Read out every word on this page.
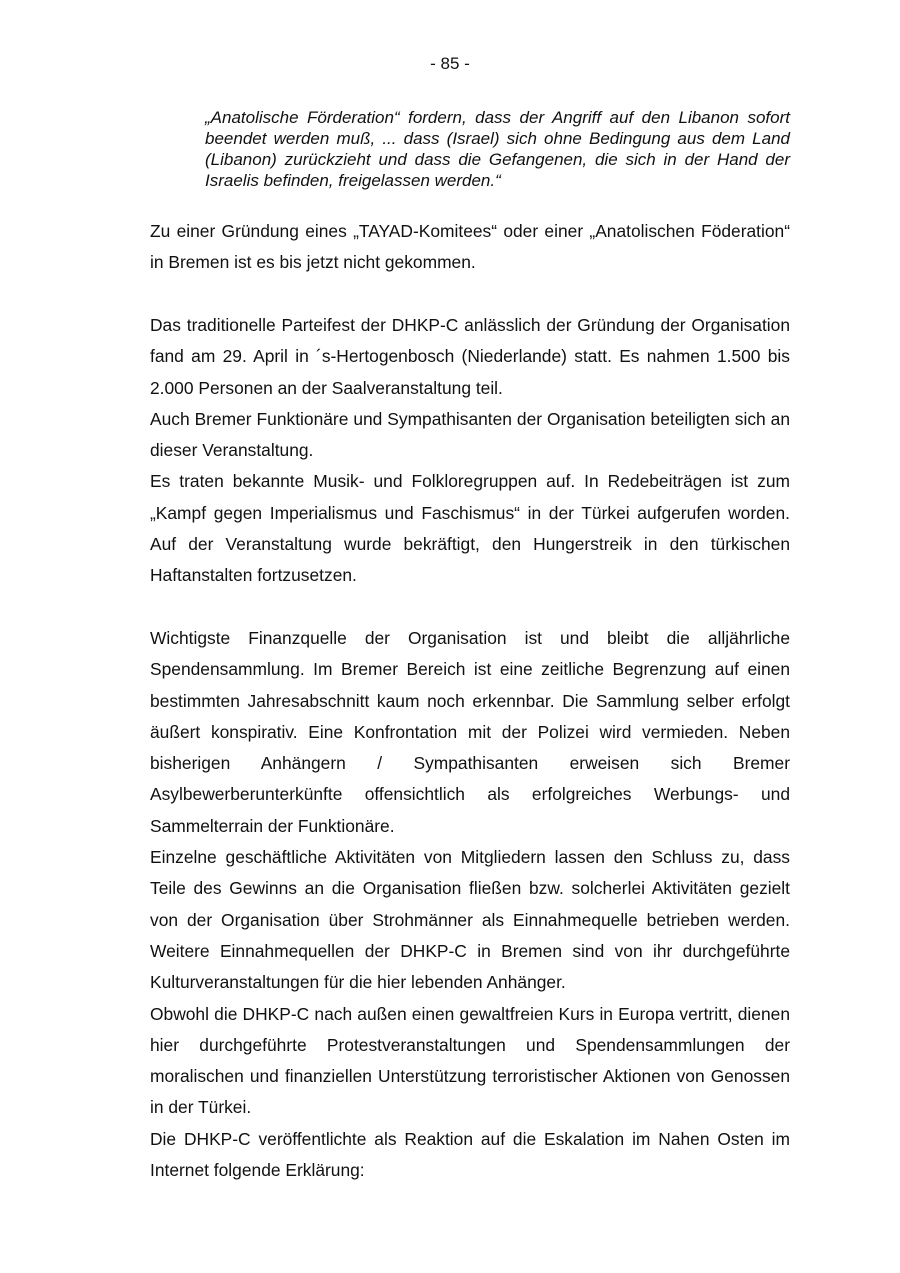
- 85 -

„Anatolische Förderation“ fordern, dass der Angriff auf den Libanon sofort beendet werden muß, ... dass (Israel) sich ohne Bedingung aus dem Land (Libanon) zurückzieht und dass die Gefangenen, die sich in der Hand der Israelis befinden, freigelassen werden.“

Zu einer Gründung eines „TAYAD-Komitees“ oder einer „Anatolischen Föderation“ in Bremen ist es bis jetzt nicht gekommen.

Das traditionelle Parteifest der DHKP-C anlässlich der Gründung der Organisation fand am 29. April in ´s-Hertogenbosch (Niederlande) statt. Es nahmen 1.500 bis 2.000 Personen an der Saalveranstaltung teil.

Auch Bremer Funktionäre und Sympathisanten der Organisation beteiligten sich an dieser Veranstaltung.

Es traten bekannte Musik- und Folkloregruppen auf. In Redebeiträgen ist zum „Kampf gegen Imperialismus und Faschismus“ in der Türkei aufgerufen worden. Auf der Veranstaltung wurde bekräftigt, den Hungerstreik in den türkischen Haftanstalten fortzusetzen.

Wichtigste Finanzquelle der Organisation ist und bleibt die alljährliche Spendensammlung. Im Bremer Bereich ist eine zeitliche Begrenzung auf einen bestimmten Jahresabschnitt kaum noch erkennbar. Die Sammlung selber erfolgt äußert konspirativ. Eine Konfrontation mit der Polizei wird vermieden. Neben bisherigen Anhängern / Sympathisanten erweisen sich Bremer Asylbewerberunterkünfte offensichtlich als erfolgreiches Werbungs- und Sammelterrain der Funktionäre.

Einzelne geschäftliche Aktivitäten von Mitgliedern lassen den Schluss zu, dass Teile des Gewinns an die Organisation fließen bzw. solcherlei Aktivitäten gezielt von der Organisation über Strohmänner als Einnahmequelle betrieben werden. Weitere Einnahmequellen der DHKP-C in Bremen sind von ihr durchgeführte Kulturveranstaltungen für die hier lebenden Anhänger.

Obwohl die DHKP-C nach außen einen gewaltfreien Kurs in Europa vertritt, dienen hier durchgeführte Protestveranstaltungen und Spendensammlungen der moralischen und finanziellen Unterstützung terroristischer Aktionen von Genossen in der Türkei.

Die DHKP-C veröffentlichte als Reaktion auf die Eskalation im Nahen Osten im Internet folgende Erklärung:
